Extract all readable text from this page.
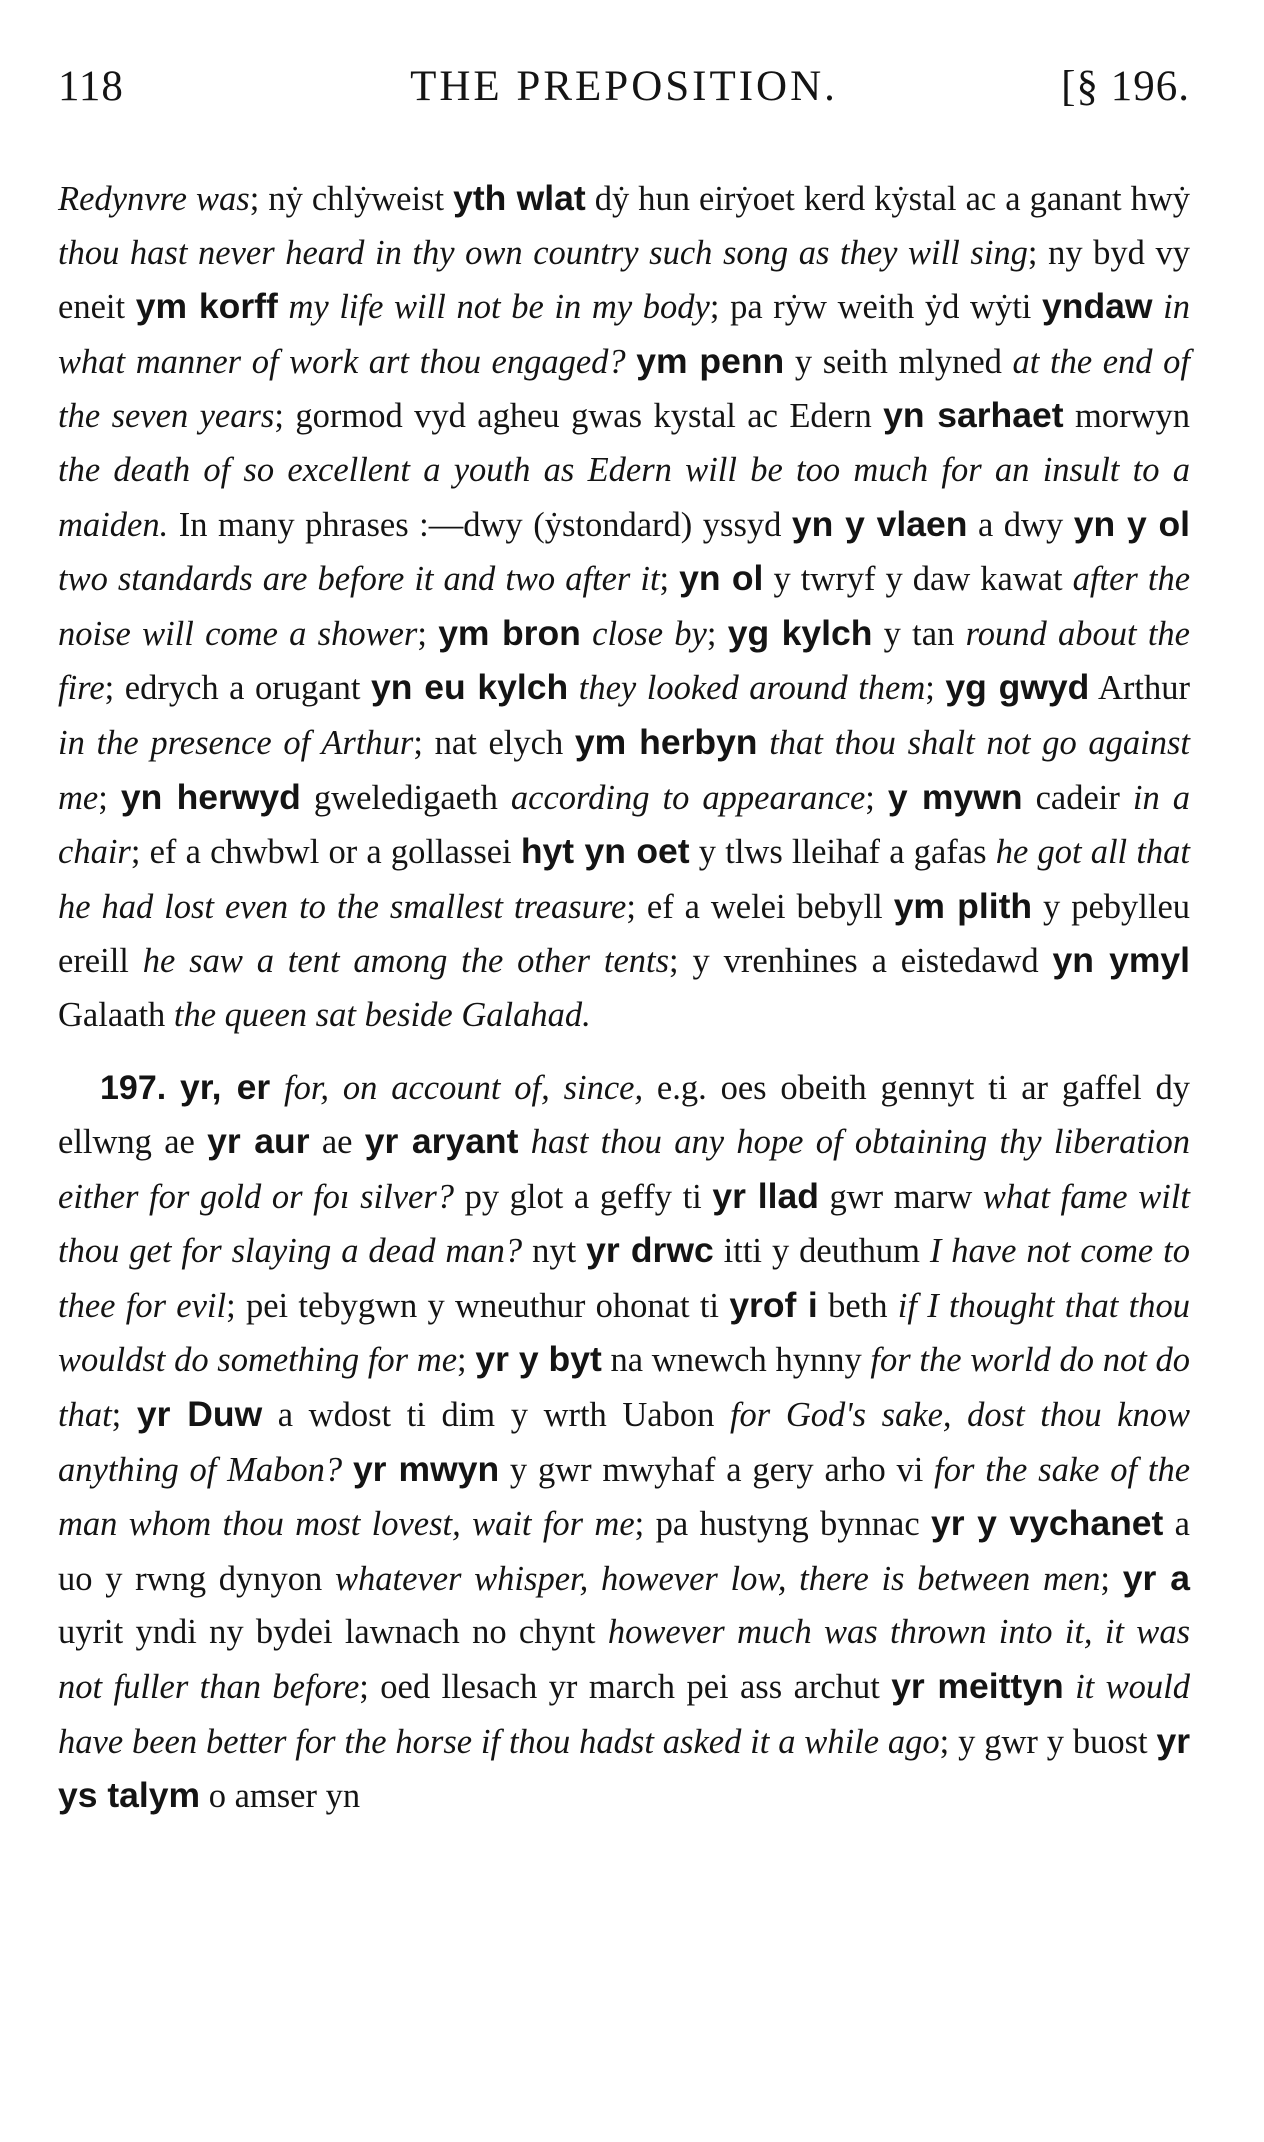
118	THE PREPOSITION.	[§ 196.

Redynvre was; nẏ chlẏweist yth wlat dẏ hun eirẏoet kerd kẏstal ac a ganant hwẏ thou hast never heard in thy own country such song as they will sing; ny byd vy eneit ym korff my life will not be in my body; pa rẏw weith ẏd wẏti yndaw in what manner of work art thou engaged? ym penn y seith mlyned at the end of the seven years; gormod vyd agheu gwas kystal ac Edern yn sarhaet morwyn the death of so excellent a youth as Edern will be too much for an insult to a maiden. In many phrases :—dwy (ẏstondard) yssyd yn y vlaen a dwy yn y ol two standards are before it and two after it; yn ol y twryf y daw kawat after the noise will come a shower; ym bron close by; yg kylch y tan round about the fire; edrych a orugant yn eu kylch they looked around them; yg gwyd Arthur in the presence of Arthur; nat elych ym herbyn that thou shalt not go against me; yn herwyd gweledigaeth according to appearance; y mywn cadeir in a chair; ef a chwbwl or a gollassei hyt yn oet y tlws lleihaf a gafas he got all that he had lost even to the smallest treasure; ef a welei bebyll ym plith y pebylleu ereill he saw a tent among the other tents; y vrenhines a eistedawd yn ymyl Galaath the queen sat beside Galahad.

197. yr, er for, on account of, since, e.g. oes obeith gennyt ti ar gaffel dy ellwng ae yr aur ae yr aryant hast thou any hope of obtaining thy liberation either for gold or foı silver? py glot a geffy ti yr llad gwr marw what fame wilt thou get for slaying a dead man? nyt yr drwc itti y deuthum I have not come to thee for evil; pei tebygwn y wneuthur ohonat ti yrof i beth if I thought that thou wouldst do something for me; yr y byt na wnewch hynny for the world do not do that; yr Duw a wdost ti dim y wrth Uabon for God's sake, dost thou know anything of Mabon? yr mwyn y gwr mwyhaf a gery arho vi for the sake of the man whom thou most lovest, wait for me; pa hustyng bynnac yr y vychanet a uo y rwng dynyon whatever whisper, however low, there is between men; yr a uyrit yndi ny bydei lawnach no chynt however much was thrown into it, it was not fuller than before; oed llesach yr march pei ass archut yr meittyn it would have been better for the horse if thou hadst asked it a while ago; y gwr y buost yr ys talym o amser yn
